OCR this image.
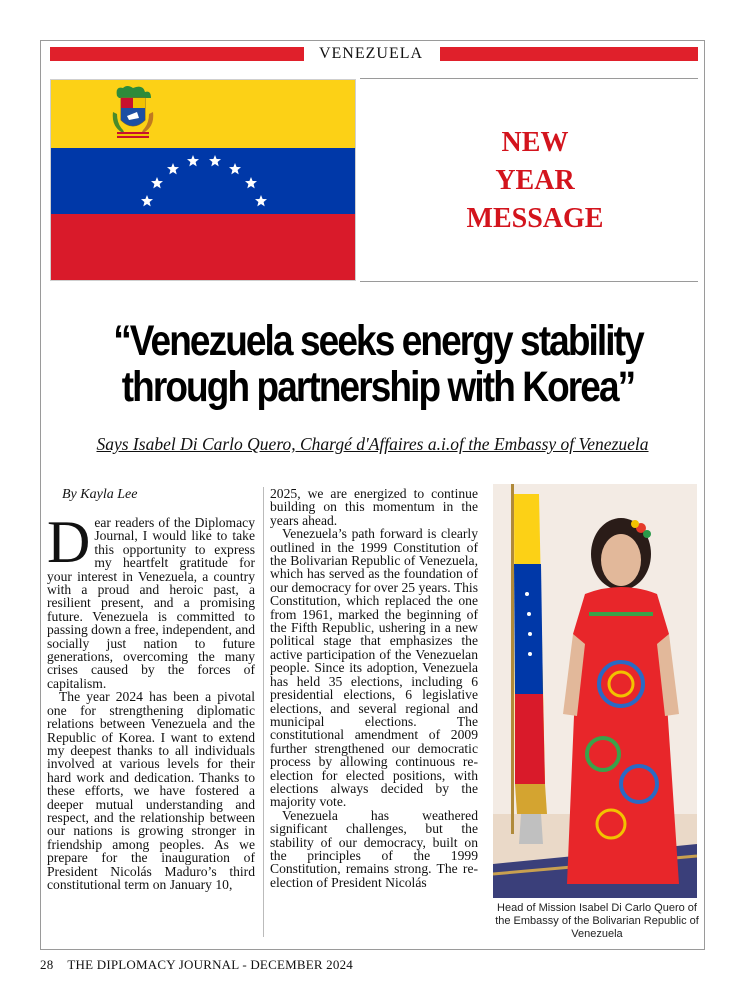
VENEZUELA
NEW
YEAR
MESSAGE
“Venezuela seeks energy stability
through partnership with Korea”
Says Isabel Di Carlo Quero, Chargé d'Affaires a.i.of the Embassy of Venezuela
By Kayla Lee
D ear readers of the Diplomacy Journal, I would like to take this opportunity to express my heartfelt gratitude for your interest in Venezuela, a country with a proud and heroic past, a resilient present, and a promising future. Venezuela is committed to passing down a free, independent, and socially just nation to future generations, overcoming the many crises caused by the forces of capitalism.

The year 2024 has been a pivotal one for strengthening diplomatic relations between Venezuela and the Republic of Korea. I want to extend my deepest thanks to all individuals involved at various levels for their hard work and dedication. Thanks to these efforts, we have fostered a deeper mutual understanding and respect, and the relationship between our nations is growing stronger in friendship among peoples. As we prepare for the inauguration of President Nicolás Maduro’s third constitutional term on January 10,

2025, we are energized to continue building on this momentum in the years ahead.

Venezuela’s path forward is clearly outlined in the 1999 Constitution of the Bolivarian Republic of Venezuela, which has served as the foundation of our democracy for over 25 years. This Constitution, which replaced the one from 1961, marked the beginning of the Fifth Republic, ushering in a new political stage that emphasizes the active participation of the Venezuelan people. Since its adoption, Venezuela has held 35 elections, including 6 presidential elections, 6 legislative elections, and several regional and municipal elections. The constitutional amendment of 2009 further strengthened our democratic process by allowing continuous re-election for elected positions, with elections always decided by the majority vote.

Venezuela has weathered significant challenges, but the stability of our democracy, built on the principles of the 1999 Constitution, remains strong. The re-election of President Nicolás

Head of Mission Isabel Di Carlo Quero of the Embassy of the Bolivarian Republic of Venezuela
28 THE DIPLOMACY JOURNAL - DECEMBER 2024
